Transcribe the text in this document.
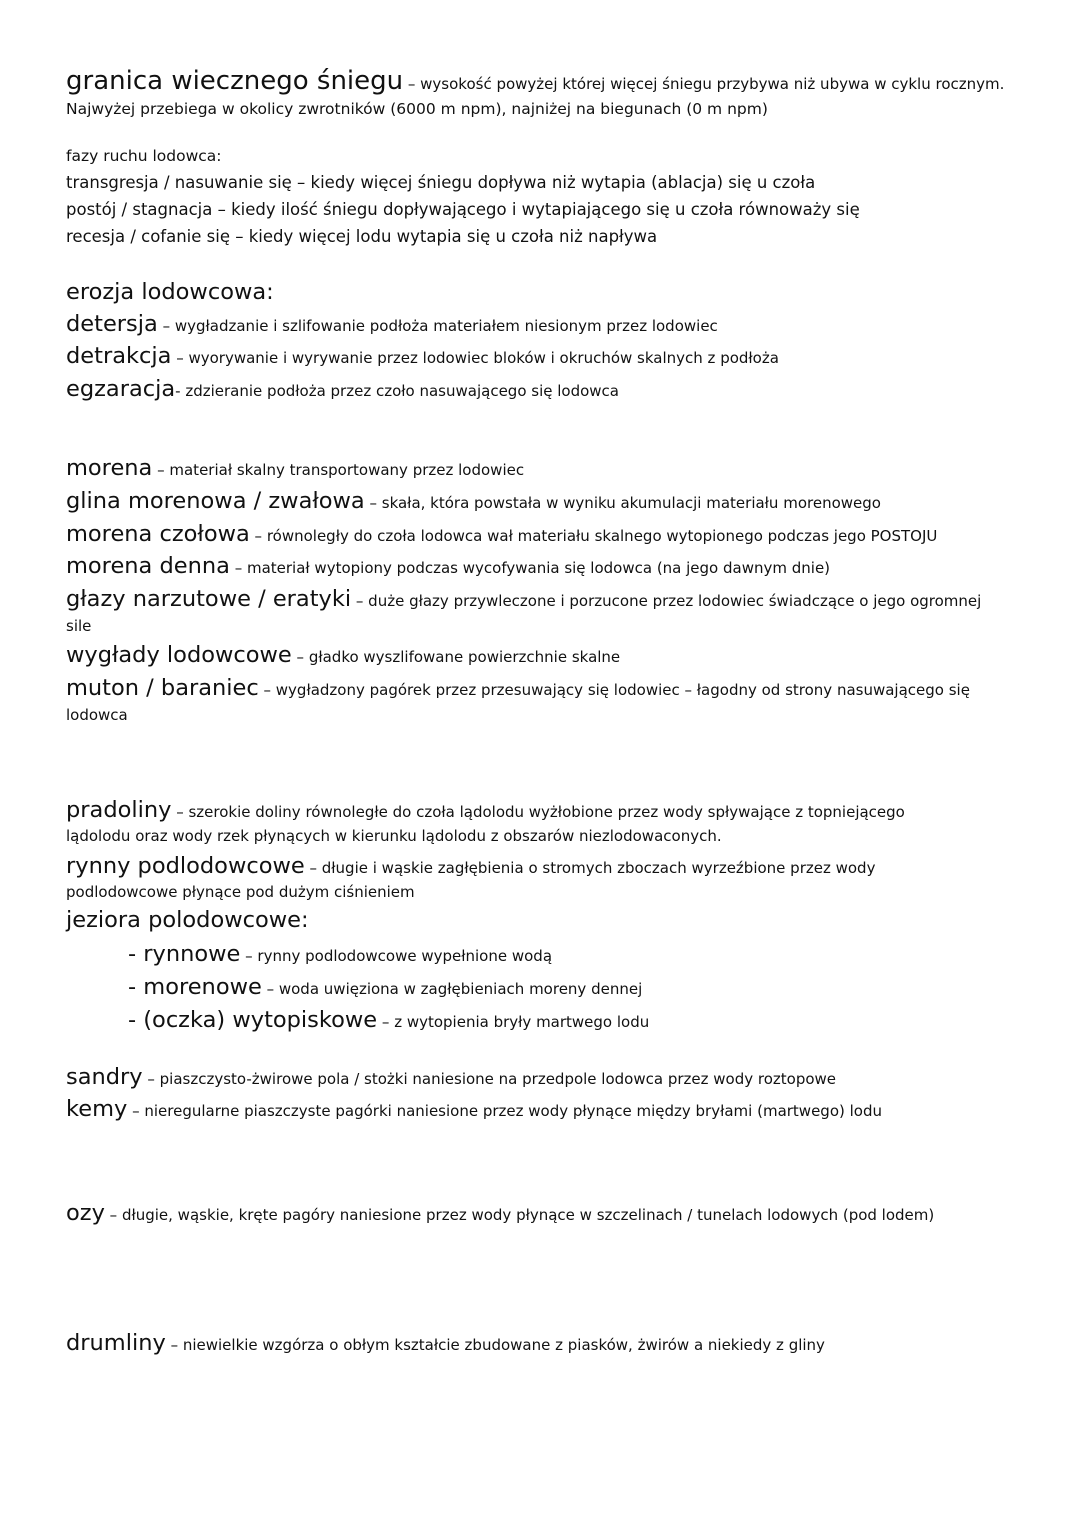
granica wiecznego śniegu – wysokość powyżej której więcej śniegu przybywa niż ubywa w cyklu rocznym.
Najwyżej przebiega w okolicy zwrotników (6000 m npm), najniżej na biegunach (0 m npm)
fazy ruchu lodowca:
transgresja / nasuwanie się – kiedy więcej śniegu dopływa niż wytapia (ablacja) się u czoła
postój / stagnacja – kiedy ilość śniegu dopływającego i wytapiającego się u czoła równoważy się
recesja / cofanie się – kiedy więcej lodu wytapia się u czoła niż napływa
erozja lodowcowa:
detersja – wygładzanie i szlifowanie podłoża materiałem niesionym przez lodowiec
detrakcja – wyorywanie i wyrywanie przez lodowiec bloków i okruchów skalnych z podłoża
egzaracja- zdzieranie podłoża przez czoło nasuwającego się lodowca
morena – materiał skalny transportowany przez lodowiec
glina morenowa / zwałowa – skała, która powstała w wyniku akumulacji materiału morenowego
morena czołowa – równoległy do czoła lodowca wał materiału skalnego wytopionego podczas jego POSTOJU
morena denna – materiał wytopiony podczas wycofywania się lodowca (na jego dawnym dnie)
głazy narzutowe / eratyki – duże głazy przywleczone i porzucone przez lodowiec świadczące o jego ogromnej
sile
wygłady lodowcowe – gładko wyszlifowane powierzchnie skalne
muton / baraniec – wygładzony pagórek przez przesuwający się lodowiec – łagodny od strony nasuwającego się
lodowca
pradoliny – szerokie doliny równoległe do czoła lądolodu wyżłobione przez wody spływające z topniejącego
lądolodu oraz wody rzek płynących w kierunku lądolodu z obszarów niezlodowaconych.
rynny podlodowcowe – długie i wąskie zagłębienia o stromych zboczach wyrzeźbione przez wody
podlodowcowe płynące pod dużym ciśnieniem
jeziora polodowcowe:
- rynnowe – rynny podlodowcowe wypełnione wodą
- morenowe – woda uwięziona w zagłębieniach moreny dennej
- (oczka) wytopiskowe – z wytopienia bryły martwego lodu
sandry – piaszczysto-żwirowe pola / stożki naniesione na przedpole lodowca przez wody roztopowe
kemy – nieregularne piaszczyste pagórki naniesione przez wody płynące między bryłami (martwego) lodu
ozy – długie, wąskie, kręte pagóry naniesione przez wody płynące w szczelinach / tunelach lodowych (pod lodem)
drumliny – niewielkie wzgórza o obłym kształcie zbudowane z piasków, żwirów a niekiedy z gliny
